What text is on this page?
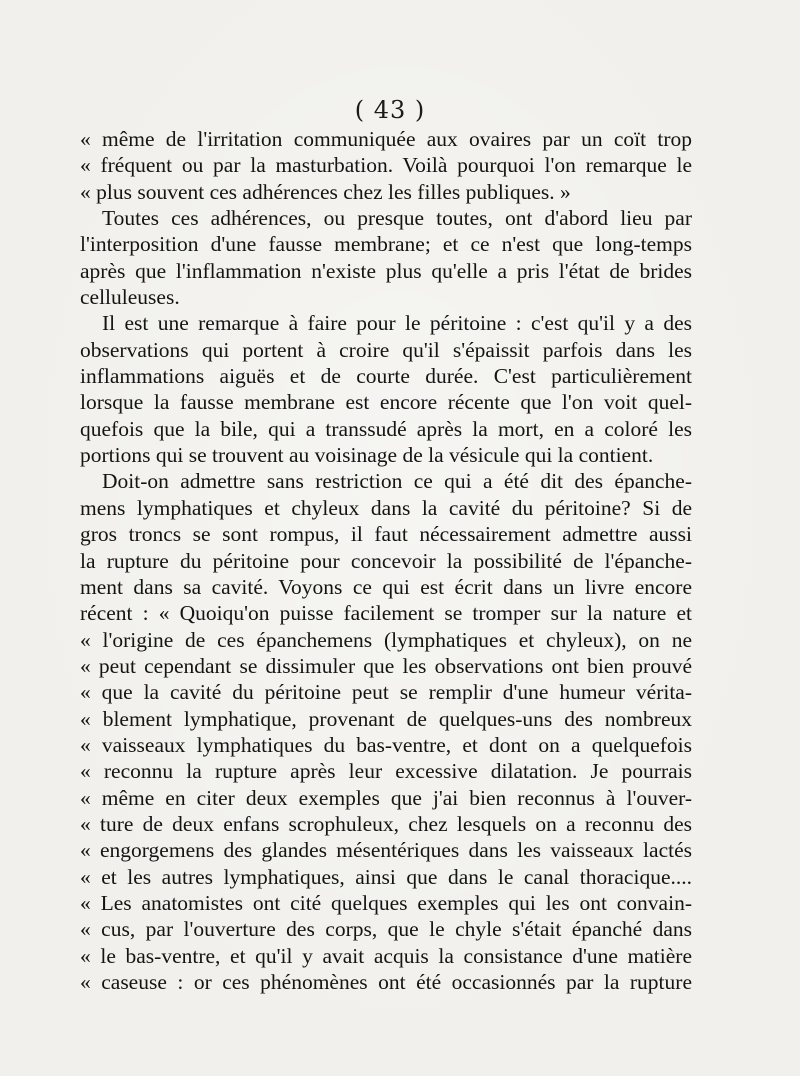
( 43 )
« même de l'irritation communiquée aux ovaires par un coït trop
« fréquent ou par la masturbation. Voilà pourquoi l'on remarque le
« plus souvent ces adhérences chez les filles publiques. »
Toutes ces adhérences, ou presque toutes, ont d'abord lieu par
l'interposition d'une fausse membrane; et ce n'est que long-temps
après que l'inflammation n'existe plus qu'elle a pris l'état de brides
celluleuses.
Il est une remarque à faire pour le péritoine : c'est qu'il y a des
observations qui portent à croire qu'il s'épaissit parfois dans les
inflammations aiguës et de courte durée. C'est particulièrement
lorsque la fausse membrane est encore récente que l'on voit quel-
quefois que la bile, qui a transsudé après la mort, en a coloré les
portions qui se trouvent au voisinage de la vésicule qui la contient.
Doit-on admettre sans restriction ce qui a été dit des épanche-
mens lymphatiques et chyleux dans la cavité du péritoine? Si de
gros troncs se sont rompus, il faut nécessairement admettre aussi
la rupture du péritoine pour concevoir la possibilité de l'épanche-
ment dans sa cavité. Voyons ce qui est écrit dans un livre encore
récent : « Quoiqu'on puisse facilement se tromper sur la nature et
« l'origine de ces épanchemens (lymphatiques et chyleux), on ne
« peut cependant se dissimuler que les observations ont bien prouvé
« que la cavité du péritoine peut se remplir d'une humeur vérita-
« blement lymphatique, provenant de quelques-uns des nombreux
« vaisseaux lymphatiques du bas-ventre, et dont on a quelquefois
« reconnu la rupture après leur excessive dilatation. Je pourrais
« même en citer deux exemples que j'ai bien reconnus à l'ouver-
« ture de deux enfans scrophuleux, chez lesquels on a reconnu des
« engorgemens des glandes mésentériques dans les vaisseaux lactés
« et les autres lymphatiques, ainsi que dans le canal thoracique....
« Les anatomistes ont cité quelques exemples qui les ont convain-
« cus, par l'ouverture des corps, que le chyle s'était épanché dans
« le bas-ventre, et qu'il y avait acquis la consistance d'une matière
« caseuse : or ces phénomènes ont été occasionnés par la rupture
